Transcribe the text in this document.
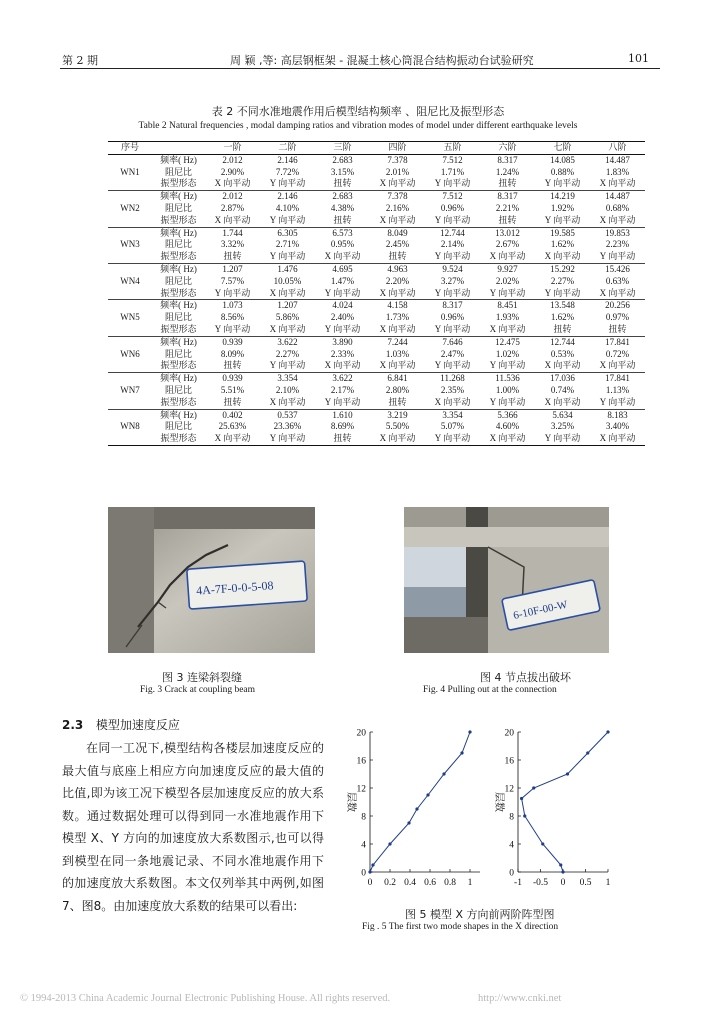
第 2 期	周 颖 ,等: 高层钢框架 - 混凝土核心筒混合结构振动台试验研究	101
表 2 不同水准地震作用后模型结构频率 、阻尼比及振型形态
Table 2 Natural frequencies , modal damping ratios and vibration modes of model under different earthquake levels
序号		一阶	二阶	三阶	四阶	五阶	六阶	七阶	八阶
	频率( Hz)	2.012	2.146	2.683	7.378	7.512	8.317	14.085	14.487
WN1	阻尼比	2.90%	7.72%	3.15%	2.01%	1.71%	1.24%	0.88%	1.83%
	振型形态	X 向平动	Y 向平动	扭转	X 向平动	Y 向平动	扭转	Y 向平动	X 向平动
	频率( Hz)	2.012	2.146	2.683	7.378	7.512	8.317	14.219	14.487
WN2	阻尼比	2.87%	4.10%	4.38%	2.16%	0.96%	2.21%	1.92%	0.68%
	振型形态	X 向平动	Y 向平动	扭转	X 向平动	Y 向平动	扭转	Y 向平动	X 向平动
	频率( Hz)	1.744	6.305	6.573	8.049	12.744	13.012	19.585	19.853
WN3	阻尼比	3.32%	2.71%	0.95%	2.45%	2.14%	2.67%	1.62%	2.23%
	振型形态	扭转	Y 向平动	X 向平动	扭转	Y 向平动	X 向平动	X 向平动	Y 向平动
	频率( Hz)	1.207	1.476	4.695	4.963	9.524	9.927	15.292	15.426
WN4	阻尼比	7.57%	10.05%	1.47%	2.20%	3.27%	2.02%	2.27%	0.63%
	振型形态	Y 向平动	X 向平动	Y 向平动	X 向平动	Y 向平动	Y 向平动	Y 向平动	X 向平动
	频率( Hz)	1.073	1.207	4.024	4.158	8.317	8.451	13.548	20.256
WN5	阻尼比	8.56%	5.86%	2.40%	1.73%	0.96%	1.93%	1.62%	0.97%
	振型形态	Y 向平动	X 向平动	Y 向平动	X 向平动	Y 向平动	X 向平动	扭转	扭转
	频率( Hz)	0.939	3.622	3.890	7.244	7.646	12.475	12.744	17.841
WN6	阻尼比	8.09%	2.27%	2.33%	1.03%	2.47%	1.02%	0.53%	0.72%
	振型形态	扭转	Y 向平动	X 向平动	X 向平动	Y 向平动	Y 向平动	X 向平动	X 向平动
	频率( Hz)	0.939	3.354	3.622	6.841	11.268	11.536	17.036	17.841
WN7	阻尼比	5.51%	2.10%	2.17%	2.80%	2.35%	1.00%	0.74%	1.13%
	振型形态	扭转	X 向平动	Y 向平动	扭转	X 向平动	Y 向平动	X 向平动	Y 向平动
	频率( Hz)	0.402	0.537	1.610	3.219	3.354	5.366	5.634	8.183
WN8	阻尼比	25.63%	23.36%	8.69%	5.50%	5.07%	4.60%	3.25%	3.40%
	振型形态	X 向平动	Y 向平动	扭转	X 向平动	Y 向平动	X 向平动	Y 向平动	X 向平动
4A-7F-0-0-5-08
6-10F-00-W
图 3 连梁斜裂缝
Fig. 3 Crack at coupling beam
图 4 节点拔出破坏
Fig. 4 Pulling out at the connection
2.3 模型加速度反应

在同一工况下,模型结构各楼层加速度反应的最大值与底座上相应方向加速度反应的最大值的比值,即为该工况下模型各层加速度反应的放大系数。通过数据处理可以得到同一水准地震作用下模型 X、Y 方向的加速度放大系数图示,也可以得到模型在同一条地震记录、不同水准地震作用下的加速度放大系数图。本文仅列举其中两例,如图7、图8。由加速度放大系数的结果可以看出:

0
4
8
12
16
20
0 0.2 0.4 0.6 0.8 1
层数
0
4
8
12
16
20
-1 -0.5 0 0.5 1
层数
图 5 模型 X 方向前两阶阵型图
Fig . 5 The first two mode shapes in the X direction
© 1994-2013 China Academic Journal Electronic Publishing House. All rights reserved.	http://www.cnki.net
